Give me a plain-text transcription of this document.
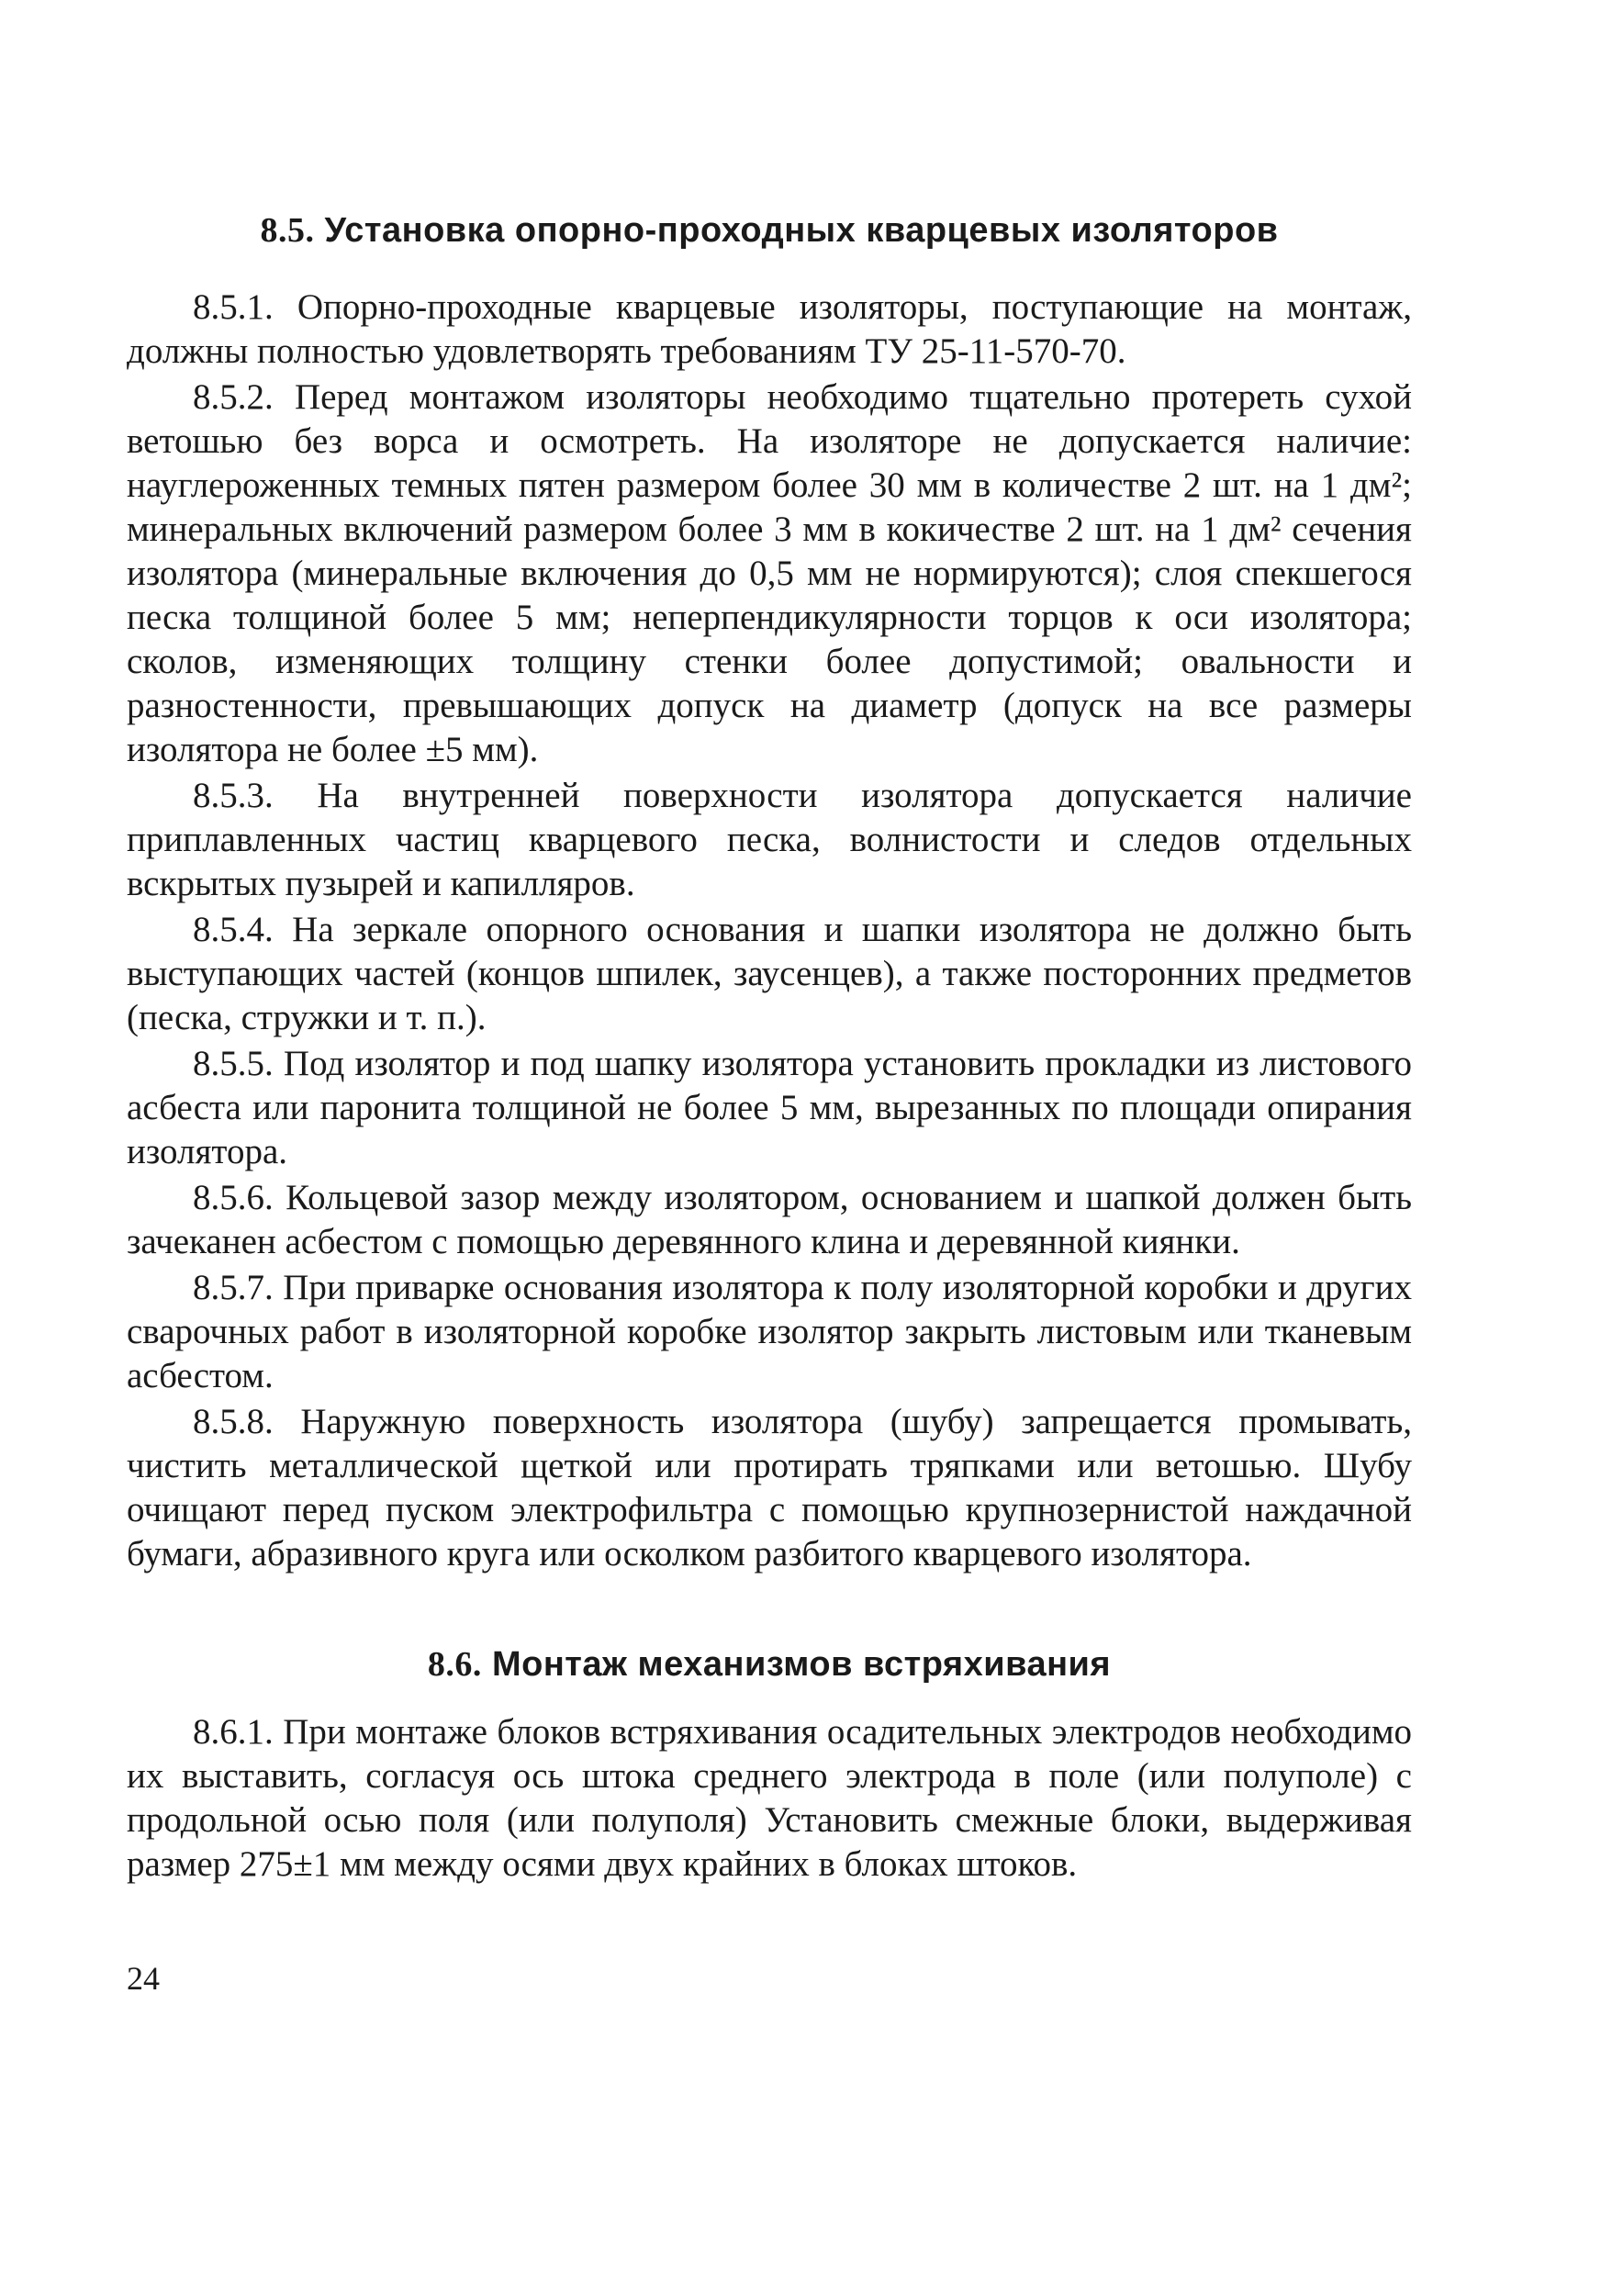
8.5. Установка опорно-проходных кварцевых изоляторов

8.5.1. Опорно-проходные кварцевые изоляторы, поступающие на монтаж, должны полностью удовлетворять требованиям ТУ 25-11-570-70.

8.5.2. Перед монтажом изоляторы необходимо тщательно протереть сухой ветошью без ворса и осмотреть. На изоляторе не допускается наличие: науглероженных темных пятен размером более 30 мм в количестве 2 шт. на 1 дм²; минеральных включений размером более 3 мм в кокичестве 2 шт. на 1 дм² сечения изолятора (минеральные включения до 0,5 мм не нормируются); слоя спекшегося песка толщиной более 5 мм; неперпендикулярности торцов к оси изолятора; сколов, изменяющих толщину стенки более допустимой; овальности и разностенности, превышающих допуск на диаметр (допуск на все размеры изолятора не более ±5 мм).

8.5.3. На внутренней поверхности изолятора допускается наличие приплавленных частиц кварцевого песка, волнистости и следов отдельных вскрытых пузырей и капилляров.

8.5.4. На зеркале опорного основания и шапки изолятора не должно быть выступающих частей (концов шпилек, заусенцев), а также посторонних предметов (песка, стружки и т. п.).

8.5.5. Под изолятор и под шапку изолятора установить прокладки из листового асбеста или паронита толщиной не более 5 мм, вырезанных по площади опирания изолятора.

8.5.6. Кольцевой зазор между изолятором, основанием и шапкой должен быть зачеканен асбестом с помощью деревянного клина и деревянной киянки.

8.5.7. При приварке основания изолятора к полу изоляторной коробки и других сварочных работ в изоляторной коробке изолятор закрыть листовым или тканевым асбестом.

8.5.8. Наружную поверхность изолятора (шубу) запрещается промывать, чистить металлической щеткой или протирать тряпками или ветошью. Шубу очищают перед пуском электрофильтра с помощью крупнозернистой наждачной бумаги, абразивного круга или осколком разбитого кварцевого изолятора.

8.6. Монтаж механизмов встряхивания

8.6.1. При монтаже блоков встряхивания осадительных электродов необходимо их выставить, согласуя ось штока среднего электрода в поле (или полуполе) с продольной осью поля (или полуполя) Установить смежные блоки, выдерживая размер 275±1 мм между осями двух крайних в блоках штоков.

24
